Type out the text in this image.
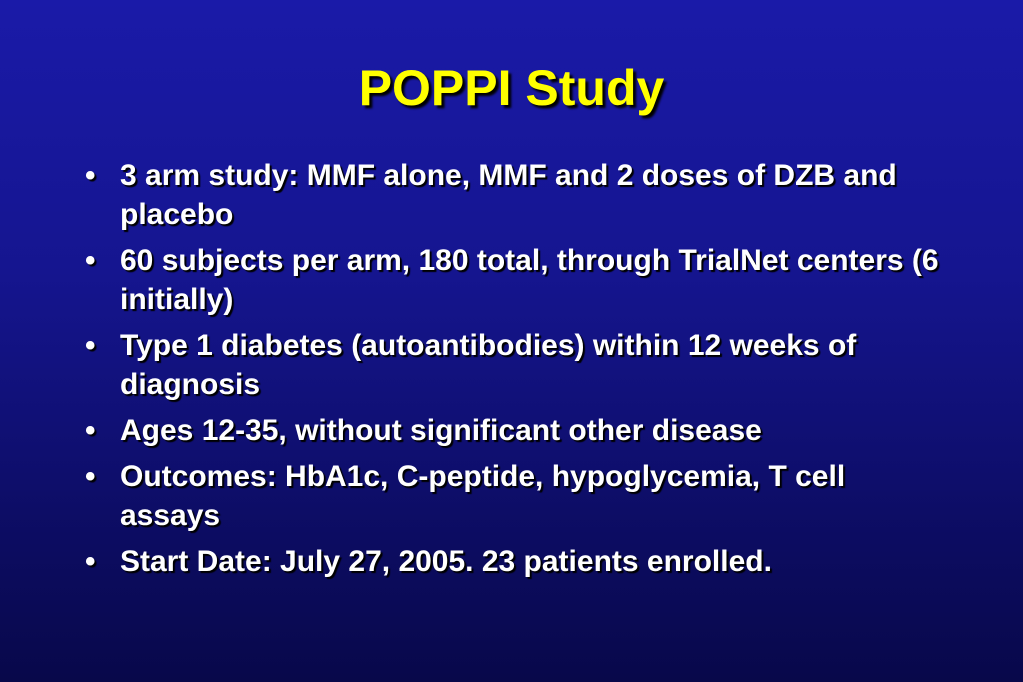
POPPI Study
• 3 arm study: MMF alone, MMF and 2 doses of DZB and placebo
• 60 subjects per arm, 180 total, through TrialNet centers (6 initially)
• Type 1 diabetes (autoantibodies) within 12 weeks of diagnosis
• Ages 12-35, without significant other disease
• Outcomes: HbA1c, C-peptide, hypoglycemia, T cell assays
• Start Date: July 27, 2005. 23 patients enrolled.
